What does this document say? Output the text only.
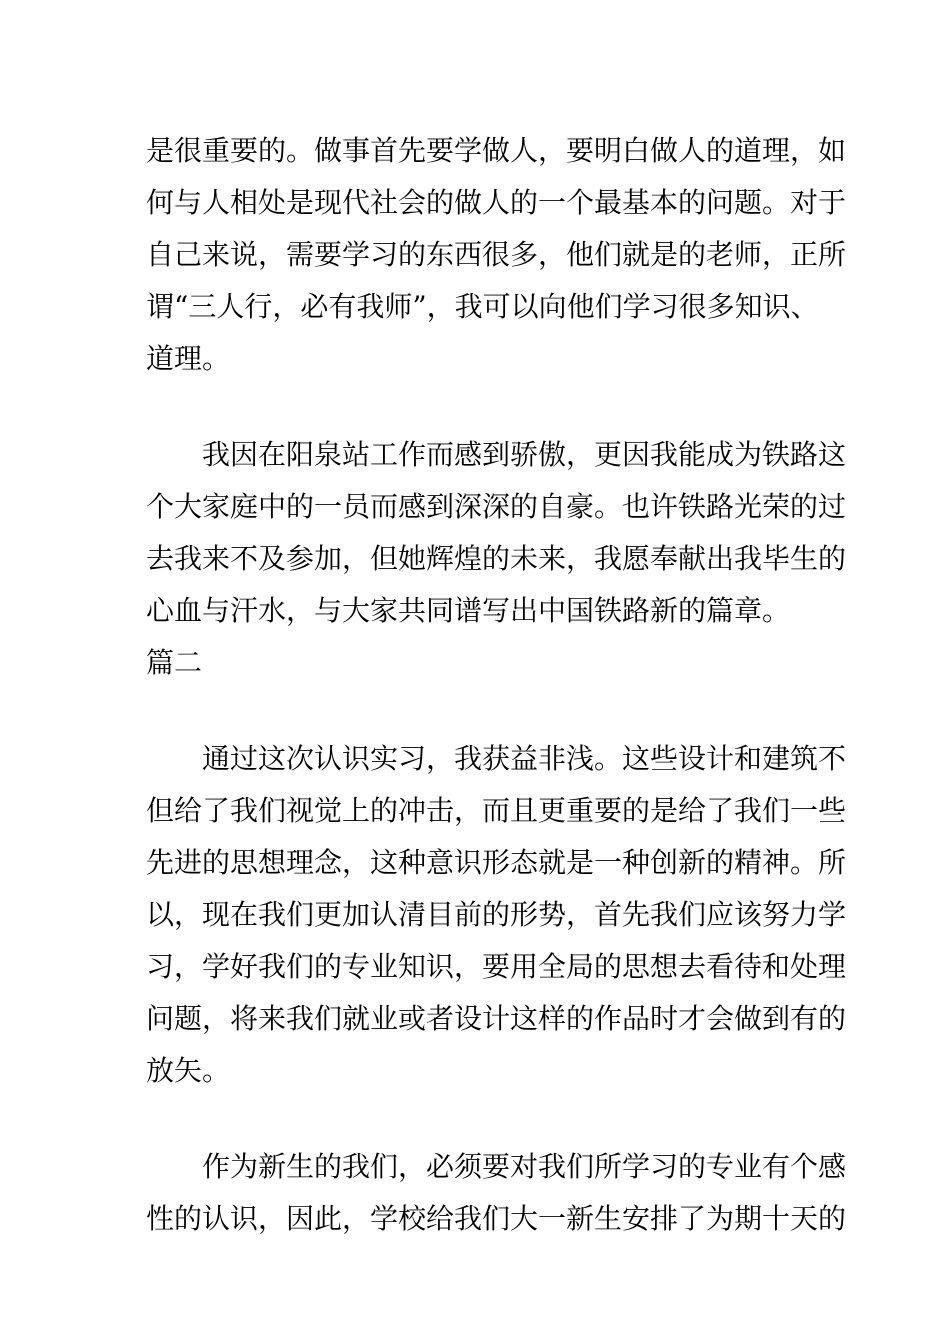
是很重要的。做事首先要学做人，要明白做人的道理，如
何与人相处是现代社会的做人的一个最基本的问题。对于
自己来说，需要学习的东西很多，他们就是的老师，正所
谓“三人行，必有我师”，我可以向他们学习很多知识、
道理。
我因在阳泉站工作而感到骄傲，更因我能成为铁路这
个大家庭中的一员而感到深深的自豪。也许铁路光荣的过
去我来不及参加，但她辉煌的未来，我愿奉献出我毕生的
心血与汗水，与大家共同谱写出中国铁路新的篇章。
篇二
通过这次认识实习，我获益非浅。这些设计和建筑不
但给了我们视觉上的冲击，而且更重要的是给了我们一些
先进的思想理念，这种意识形态就是一种创新的精神。所
以，现在我们更加认清目前的形势，首先我们应该努力学
习，学好我们的专业知识，要用全局的思想去看待和处理
问题，将来我们就业或者设计这样的作品时才会做到有的
放矢。
作为新生的我们，必须要对我们所学习的专业有个感
性的认识，因此，学校给我们大一新生安排了为期十天的
